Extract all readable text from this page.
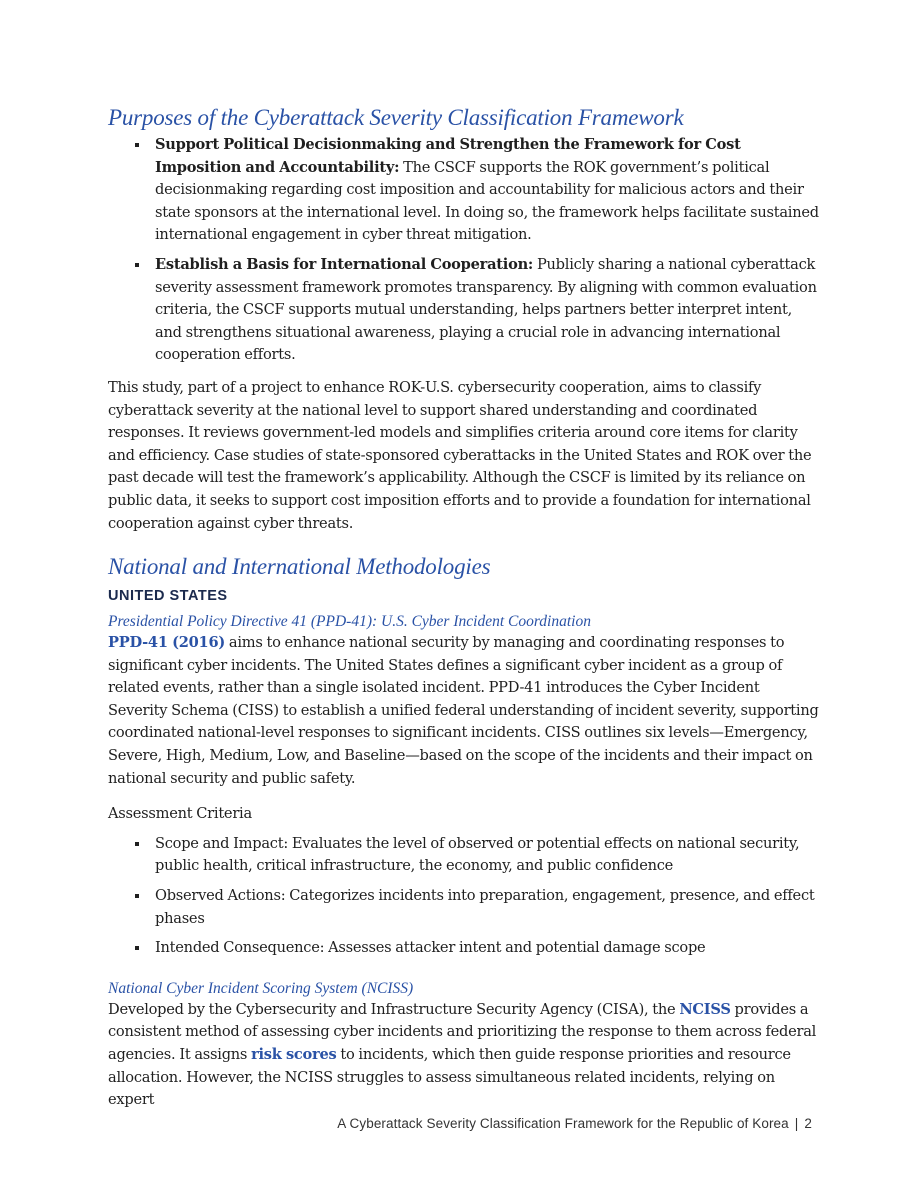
Purposes of the Cyberattack Severity Classification Framework
Support Political Decisionmaking and Strengthen the Framework for Cost Imposition and Accountability: The CSCF supports the ROK government’s political decisionmaking regarding cost imposition and accountability for malicious actors and their state sponsors at the international level. In doing so, the framework helps facilitate sustained international engagement in cyber threat mitigation.
Establish a Basis for International Cooperation: Publicly sharing a national cyberattack severity assessment framework promotes transparency. By aligning with common evaluation criteria, the CSCF supports mutual understanding, helps partners better interpret intent, and strengthens situational awareness, playing a crucial role in advancing international cooperation efforts.

This study, part of a project to enhance ROK-U.S. cybersecurity cooperation, aims to classify cyberattack severity at the national level to support shared understanding and coordinated responses. It reviews government-led models and simplifies criteria around core items for clarity and efficiency. Case studies of state-sponsored cyberattacks in the United States and ROK over the past decade will test the framework’s applicability. Although the CSCF is limited by its reliance on public data, it seeks to support cost imposition efforts and to provide a foundation for international cooperation against cyber threats.

National and International Methodologies
UNITED STATES
Presidential Policy Directive 41 (PPD-41): U.S. Cyber Incident Coordination

PPD-41 (2016) aims to enhance national security by managing and coordinating responses to significant cyber incidents. The United States defines a significant cyber incident as a group of related events, rather than a single isolated incident. PPD-41 introduces the Cyber Incident Severity Schema (CISS) to establish a unified federal understanding of incident severity, supporting coordinated national-level responses to significant incidents. CISS outlines six levels—Emergency, Severe, High, Medium, Low, and Baseline—based on the scope of the incidents and their impact on national security and public safety.

Assessment Criteria

Scope and Impact: Evaluates the level of observed or potential effects on national security, public health, critical infrastructure, the economy, and public confidence
Observed Actions: Categorizes incidents into preparation, engagement, presence, and effect phases
Intended Consequence: Assesses attacker intent and potential damage scope
National Cyber Incident Scoring System (NCISS)

Developed by the Cybersecurity and Infrastructure Security Agency (CISA), the NCISS provides a consistent method of assessing cyber incidents and prioritizing the response to them across federal agencies. It assigns risk scores to incidents, which then guide response priorities and resource allocation. However, the NCISS struggles to assess simultaneous related incidents, relying on expert

A Cyberattack Severity Classification Framework for the Republic of Korea | 2
